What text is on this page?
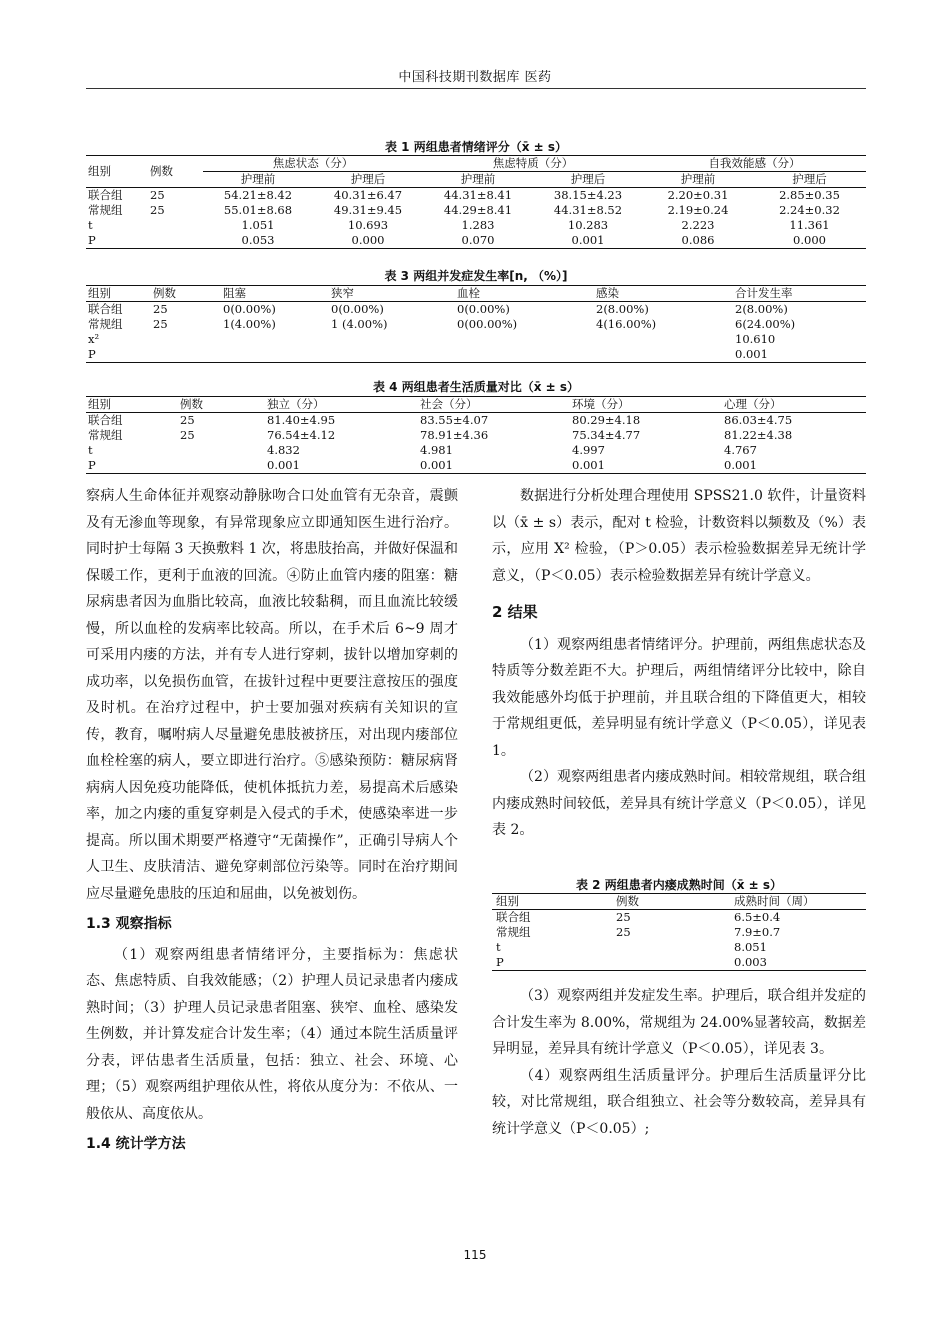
中国科技期刊数据库 医药
表 1 两组患者情绪评分（x̄ ± s）
组别	例数	焦虑状态（分）		焦虑特质（分）		自我效能感（分）	
		护理前	护理后	护理前	护理后	护理前	护理后
联合组	25	54.21±8.42	40.31±6.47	44.31±8.41	38.15±4.23	2.20±0.31	2.85±0.35
常规组	25	55.01±8.68	49.31±9.45	44.29±8.41	44.31±8.52	2.19±0.24	2.24±0.32
t		1.051	10.693	1.283	10.283	2.223	11.361
P		0.053	0.000	0.070	0.001	0.086	0.000
表 3 两组并发症发生率[n, （%）]
组别	例数	阻塞	狭窄	血栓	感染	合计发生率
联合组	25	0(0.00%)	0(0.00%)	0(0.00%)	2(8.00%)	2(8.00%)
常规组	25	1(4.00%)	1 (4.00%)	0(00.00%)	4(16.00%)	6(24.00%)
x²						10.610
P						0.001
表 4 两组患者生活质量对比（x̄ ± s）
组别	例数	独立（分）	社会（分）	环境（分）	心理（分）
联合组	25	81.40±4.95	83.55±4.07	80.29±4.18	86.03±4.75
常规组	25	76.54±4.12	78.91±4.36	75.34±4.77	81.22±4.38
t		4.832	4.981	4.997	4.767
P		0.001	0.001	0.001	0.001

察病人生命体征并观察动静脉吻合口处血管有无杂音，震颤及有无渗血等现象，有异常现象应立即通知医生进行治疗。同时护士每隔 3 天换敷料 1 次，将患肢抬高，并做好保温和保暖工作，更利于血液的回流。④防止血管内瘘的阻塞：糖尿病患者因为血脂比较高，血液比较黏稠，而且血流比较缓慢，所以血栓的发病率比较高。所以，在手术后 6~9 周才可采用内瘘的方法，并有专人进行穿刺，拔针以增加穿刺的成功率，以免损伤血管，在拔针过程中更要注意按压的强度及时机。在治疗过程中，护士要加强对疾病有关知识的宣传，教育，嘱咐病人尽量避免患肢被挤压，对出现内瘘部位血栓栓塞的病人，要立即进行治疗。⑤感染预防：糖尿病肾病病人因免疫功能降低，使机体抵抗力差，易提高术后感染率，加之内瘘的重复穿刺是入侵式的手术，使感染率进一步提高。所以围术期要严格遵守“无菌操作”，正确引导病人个人卫生、皮肤清洁、避免穿刺部位污染等。同时在治疗期间应尽量避免患肢的压迫和屈曲，以免被划伤。

1.3 观察指标

（1）观察两组患者情绪评分，主要指标为：焦虑状态、焦虑特质、自我效能感；（2）护理人员记录患者内瘘成熟时间；（3）护理人员记录患者阻塞、狭窄、血栓、感染发生例数，并计算发症合计发生率；（4）通过本院生活质量评分表，评估患者生活质量，包括：独立、社会、环境、心理；（5）观察两组护理依从性，将依从度分为：不依从、一般依从、高度依从。

1.4 统计学方法

数据进行分析处理合理使用 SPSS21.0 软件，计量资料以（x̄ ± s）表示，配对 t 检验，计数资料以频数及（%）表示，应用 X² 检验，（P＞0.05）表示检验数据差异无统计学意义，（P＜0.05）表示检验数据差异有统计学意义。

2 结果

（1）观察两组患者情绪评分。护理前，两组焦虑状态及特质等分数差距不大。护理后，两组情绪评分比较中，除自我效能感外均低于护理前，并且联合组的下降值更大，相较于常规组更低，差异明显有统计学意义（P＜0.05），详见表 1。

（2）观察两组患者内瘘成熟时间。相较常规组，联合组内瘘成熟时间较低，差异具有统计学意义（P＜0.05），详见表 2。

表 2 两组患者内瘘成熟时间（x̄ ± s）
组别	例数	成熟时间（周）
联合组	25	6.5±0.4
常规组	25	7.9±0.7
t		8.051
P		0.003

（3）观察两组并发症发生率。护理后，联合组并发症的合计发生率为 8.00%，常规组为 24.00%显著较高，数据差异明显，差异具有统计学意义（P＜0.05），详见表 3。

（4）观察两组生活质量评分。护理后生活质量评分比较，对比常规组，联合组独立、社会等分数较高，差异具有统计学意义（P＜0.05）;

115
